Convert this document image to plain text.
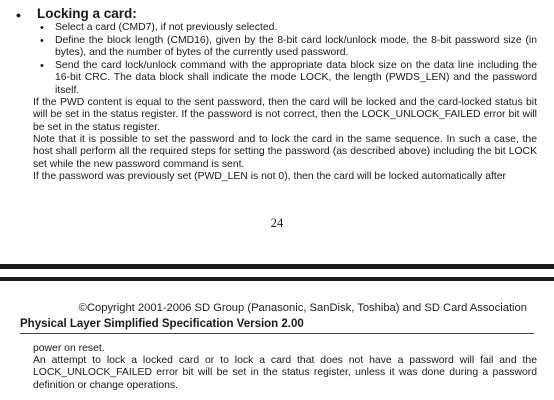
• Locking a card:
• Select a card (CMD7), if not previously selected.
• Define the block length (CMD16), given by the 8-bit card lock/unlock mode, the 8-bit password size (in bytes), and the number of bytes of the currently used password.
• Send the card lock/unlock command with the appropriate data block size on the data line including the 16-bit CRC. The data block shall indicate the mode LOCK, the length (PWDS_LEN) and the password itself.
If the PWD content is equal to the sent password, then the card will be locked and the card-locked status bit will be set in the status register. If the password is not correct, then the LOCK_UNLOCK_FAILED error bit will be set in the status register.
Note that it is possible to set the password and to lock the card in the same sequence. In such a case, the host shall perform all the required steps for setting the password (as described above) including the bit LOCK set while the new password command is sent.
If the password was previously set (PWD_LEN is not 0), then the card will be locked automatically after
24
©Copyright 2001-2006 SD Group (Panasonic, SanDisk, Toshiba) and SD Card Association
Physical Layer Simplified Specification Version 2.00
power on reset.
An attempt to lock a locked card or to lock a card that does not have a password will fail and the LOCK_UNLOCK_FAILED error bit will be set in the status register, unless it was done during a password definition or change operations.
